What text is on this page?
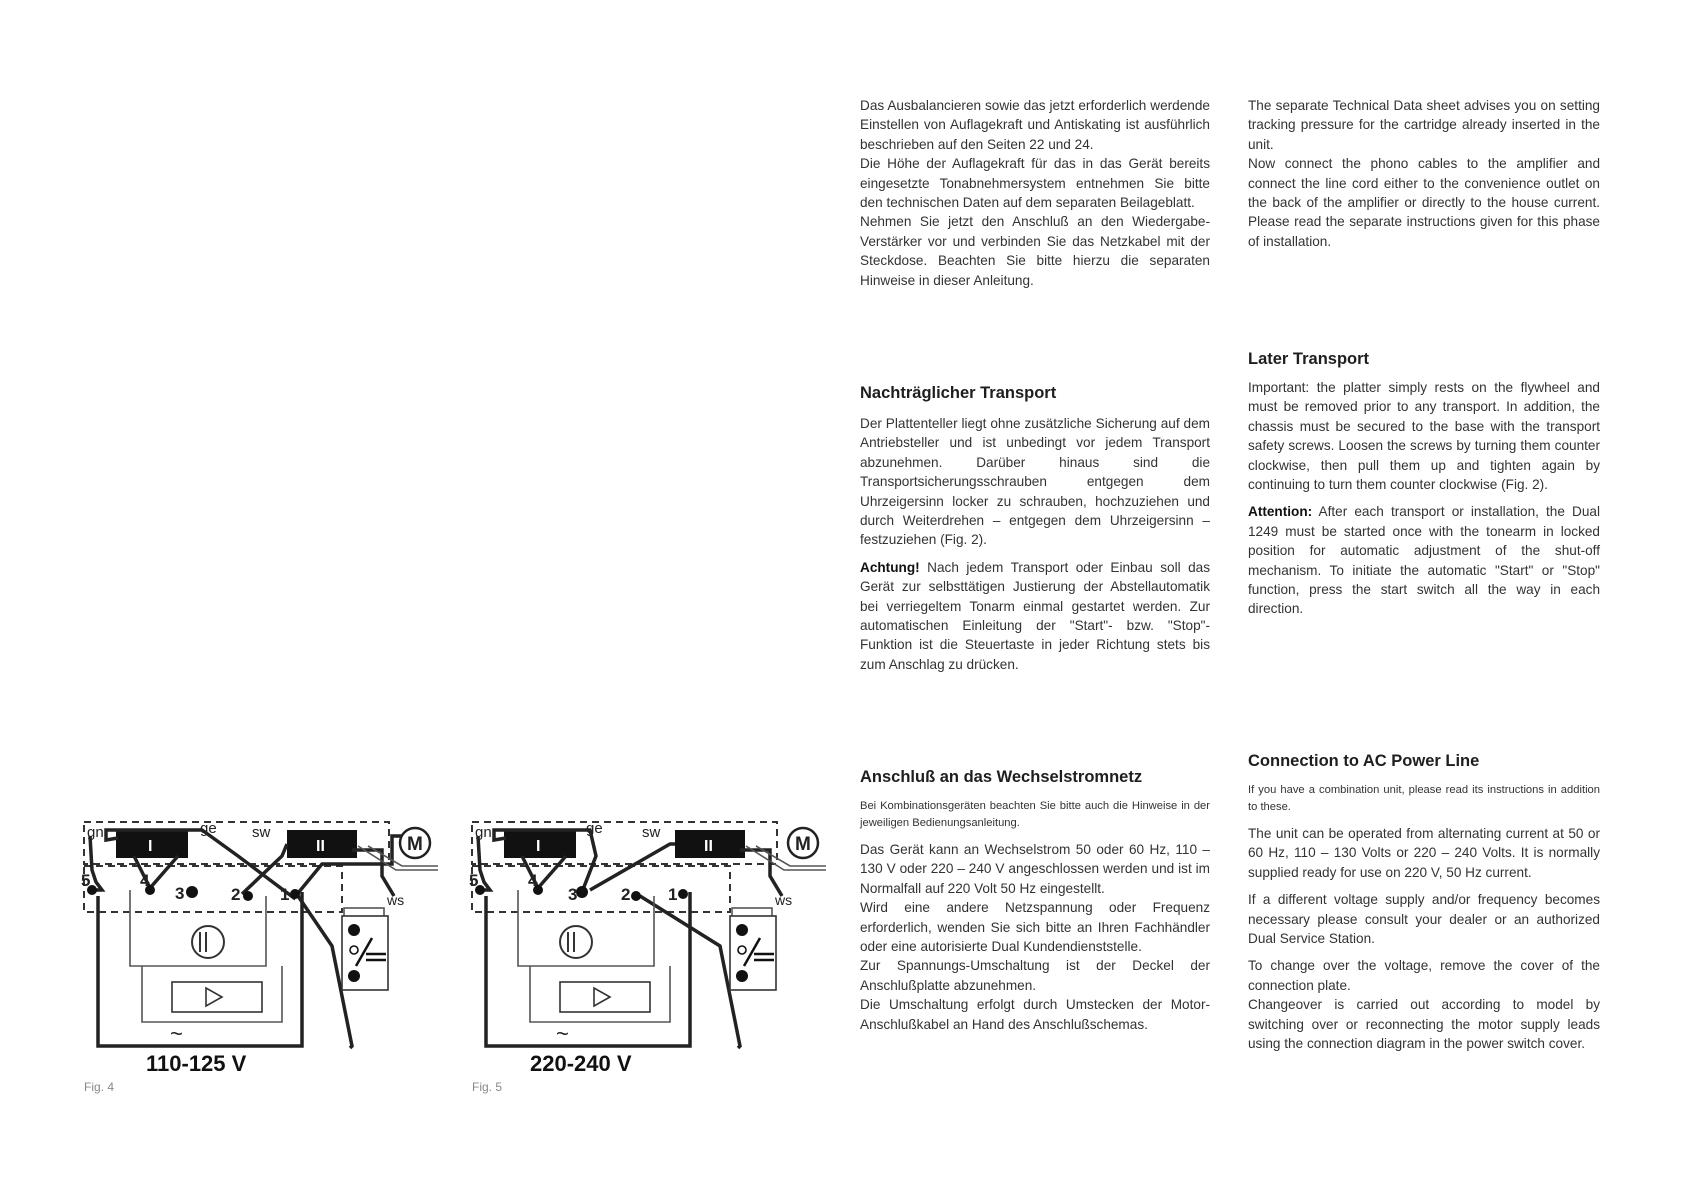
I	II
gn	ge sw
ws
M
5	4
3	2 1
~
110-125 V
Fig. 4
I	II
gn	ge	sw
ws
M
5	4
3	2 1
~
220-240 V
Fig. 5

Das Ausbalancieren sowie das jetzt erforderlich werdende Einstellen von Auflagekraft und Antiskating ist ausführlich beschrieben auf den Seiten 22 und 24.

Die Höhe der Auflagekraft für das in das Gerät bereits eingesetzte Tonabnehmersystem entnehmen Sie bitte den technischen Daten auf dem separaten Beilageblatt.

Nehmen Sie jetzt den Anschluß an den Wiedergabe-Verstärker vor und verbinden Sie das Netzkabel mit der Steckdose. Beachten Sie bitte hierzu die separaten Hinweise in dieser Anleitung.

Nachträglicher Transport

Der Plattenteller liegt ohne zusätzliche Sicherung auf dem Antriebsteller und ist unbedingt vor jedem Transport abzunehmen. Darüber hinaus sind die Transportsicherungsschrauben entgegen dem Uhrzeigersinn locker zu schrauben, hochzuziehen und durch Weiterdrehen – entgegen dem Uhrzeigersinn – festzuziehen (Fig. 2).

Achtung! Nach jedem Transport oder Einbau soll das Gerät zur selbsttätigen Justierung der Abstellautomatik bei verriegeltem Tonarm einmal gestartet werden. Zur automatischen Einleitung der "Start"- bzw. "Stop"-Funktion ist die Steuertaste in jeder Richtung stets bis zum Anschlag zu drücken.

Anschluß an das Wechselstromnetz

Bei Kombinationsgeräten beachten Sie bitte auch die Hinweise in der jeweiligen Bedienungsanleitung.

Das Gerät kann an Wechselstrom 50 oder 60 Hz, 110 – 130 V oder 220 – 240 V angeschlossen werden und ist im Normalfall auf 220 Volt 50 Hz eingestellt.

Wird eine andere Netzspannung oder Frequenz erforderlich, wenden Sie sich bitte an Ihren Fachhändler oder eine autorisierte Dual Kundendienststelle.

Zur Spannungs-Umschaltung ist der Deckel der Anschlußplatte abzunehmen.

Die Umschaltung erfolgt durch Umstecken der Motor-Anschlußkabel an Hand des Anschlußschemas.

The separate Technical Data sheet advises you on setting tracking pressure for the cartridge already inserted in the unit.

Now connect the phono cables to the amplifier and connect the line cord either to the convenience outlet on the back of the amplifier or directly to the house current. Please read the separate instructions given for this phase of installation.

Later Transport

Important: the platter simply rests on the flywheel and must be removed prior to any transport. In addition, the chassis must be secured to the base with the transport safety screws. Loosen the screws by turning them counter clockwise, then pull them up and tighten again by continuing to turn them counter clockwise (Fig. 2).

Attention: After each transport or installation, the Dual 1249 must be started once with the tonearm in locked position for automatic adjustment of the shut-off mechanism. To initiate the automatic "Start" or "Stop" function, press the start switch all the way in each direction.

Connection to AC Power Line

If you have a combination unit, please read its instructions in addition to these.

The unit can be operated from alternating current at 50 or 60 Hz, 110 – 130 Volts or 220 – 240 Volts. It is normally supplied ready for use on 220 V, 50 Hz current.

If a different voltage supply and/or frequency becomes necessary please consult your dealer or an authorized Dual Service Station.

To change over the voltage, remove the cover of the connection plate.

Changeover is carried out according to model by switching over or reconnecting the motor supply leads using the connection diagram in the power switch cover.
